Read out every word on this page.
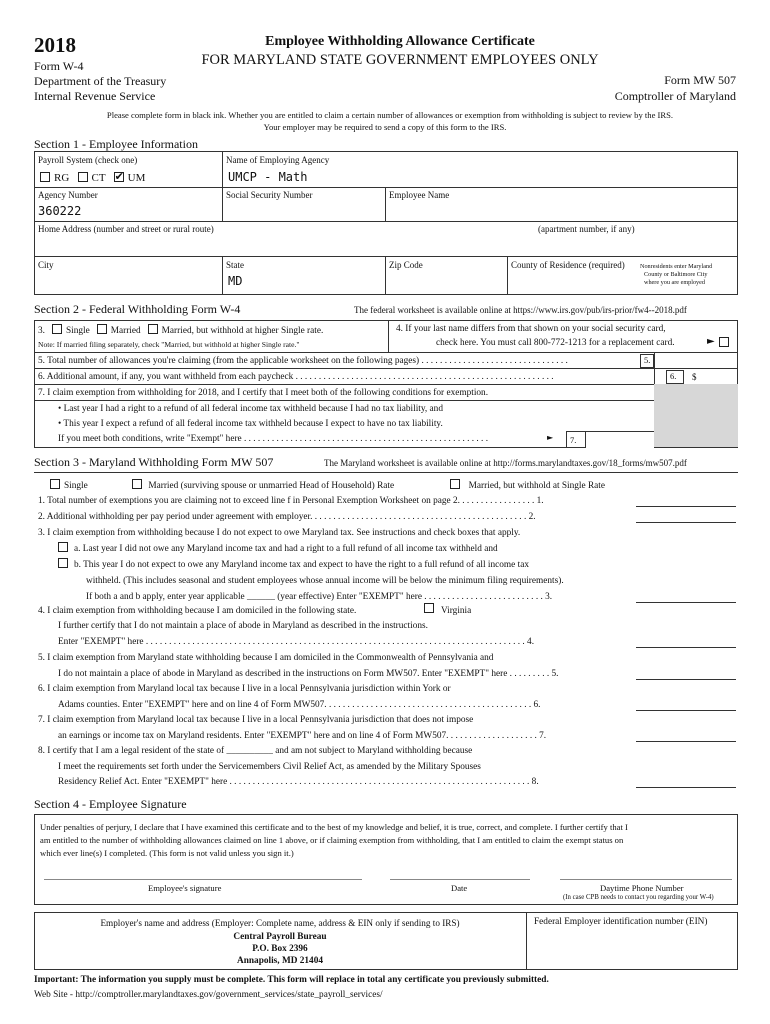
2018
Form W-4
Department of the Treasury
Internal Revenue Service
Employee Withholding Allowance Certificate
FOR MARYLAND STATE GOVERNMENT EMPLOYEES ONLY
Form MW 507
Comptroller of Maryland
Please complete form in black ink. Whether you are entitled to claim a certain number of allowances or exemption from withholding is subject to review by the IRS.
Your employer may be required to send a copy of this form to the IRS.
Section 1 - Employee Information
Payroll System (check one)
RG CT ✔ UM
Name of Employing Agency
UMCP - Math
Agency Number
360222
Social Security Number	Employee Name
Home Address (number and street or rural route)	(apartment number, if any)
City	State
MD
Zip Code	County of Residence (required) Nonresidents enter Maryland
County or Baltimore City
where you are employed
Section 2 - Federal Withholding Form W-4	The federal worksheet is available online at https://www.irs.gov/pub/irs-prior/fw4--2018.pdf
3. Single Married Married, but withhold at higher Single rate.
Note: If married filing separately, check "Married, but withhold at higher Single rate."
4. If your last name differs from that shown on your social security card,
check here. You must call 800-772-1213 for a replacement card.	►
5. Total number of allowances you're claiming (from the applicable worksheet on the following pages) . . . . . . . . . . . . . . . . . . . . . . . . . . . . . . . .	5.
6. Additional amount, if any, you want withheld from each paycheck . . . . . . . . . . . . . . . . . . . . . . . . . . . . . . . . . . . . . . . . . . . . . . . . . . . . . . . .	6.	$
7. I claim exemption from withholding for 2018, and I certify that I meet both of the following conditions for exemption.
• Last year I had a right to a refund of all federal income tax withheld because I had no tax liability, and
• This year I expect a refund of all federal income tax withheld because I expect to have no tax liability.
If you meet both conditions, write "Exempt" here . . . . . . . . . . . . . . . . . . . . . . . . . . . . . . . . . . . . . . . . . . . . . . . . . . . . .	►	7.
Section 3 - Maryland Withholding Form MW 507	The Maryland worksheet is available online at http://forms.marylandtaxes.gov/18_forms/mw507.pdf
Single	Married (surviving spouse or unmarried Head of Household) Rate	Married, but withhold at Single Rate
1. Total number of exemptions you are claiming not to exceed line f in Personal Exemption Worksheet on page 2. . . . . . . . . . . . . . . . . 1.
2. Additional withholding per pay period under agreement with employer. . . . . . . . . . . . . . . . . . . . . . . . . . . . . . . . . . . . . . . . . . . . . . . 2.
3. I claim exemption from withholding because I do not expect to owe Maryland tax. See instructions and check boxes that apply.
a. Last year I did not owe any Maryland income tax and had a right to a full refund of all income tax withheld and
b. This year I do not expect to owe any Maryland income tax and expect to have the right to a full refund of all income tax
withheld. (This includes seasonal and student employees whose annual income will be below the minimum filing requirements).
If both a and b apply, enter year applicable ______ (year effective) Enter "EXEMPT" here . . . . . . . . . . . . . . . . . . . . . . . . . . 3.
4. I claim exemption from withholding because I am domiciled in the following state.	Virginia
I further certify that I do not maintain a place of abode in Maryland as described in the instructions.
Enter "EXEMPT" here . . . . . . . . . . . . . . . . . . . . . . . . . . . . . . . . . . . . . . . . . . . . . . . . . . . . . . . . . . . . . . . . . . . . . . . . . . . . . . . . . . 4.
5. I claim exemption from Maryland state withholding because I am domiciled in the Commonwealth of Pennsylvania and
I do not maintain a place of abode in Maryland as described in the instructions on Form MW507. Enter "EXEMPT" here . . . . . . . . . 5.
6. I claim exemption from Maryland local tax because I live in a local Pennsylvania jurisdiction within York or
Adams counties. Enter "EXEMPT" here and on line 4 of Form MW507. . . . . . . . . . . . . . . . . . . . . . . . . . . . . . . . . . . . . . . . . . . . . 6.
7. I claim exemption from Maryland local tax because I live in a local Pennsylvania jurisdiction that does not impose
an earnings or income tax on Maryland residents. Enter "EXEMPT" here and on line 4 of Form MW507. . . . . . . . . . . . . . . . . . . . 7.
8. I certify that I am a legal resident of the state of __________ and am not subject to Maryland withholding because
I meet the requirements set forth under the Servicemembers Civil Relief Act, as amended by the Military Spouses
Residency Relief Act. Enter "EXEMPT" here . . . . . . . . . . . . . . . . . . . . . . . . . . . . . . . . . . . . . . . . . . . . . . . . . . . . . . . . . . . . . . . . . 8.
Section 4 - Employee Signature
Under penalties of perjury, I declare that I have examined this certificate and to the best of my knowledge and belief, it is true, correct, and complete. I further certify that I
am entitled to the number of withholding allowances claimed on line 1 above, or if claiming exemption from withholding, that I am entitled to claim the exempt status on
which ever line(s) I completed. (This form is not valid unless you sign it.)
Employee's signature	Date	Daytime Phone Number
(In case CPB needs to contact you regarding your W-4)
Employer's name and address (Employer: Complete name, address & EIN only if sending to IRS)
Central Payroll Bureau
P.O. Box 2396
Annapolis, MD 21404
Federal Employer identification number (EIN)
Important: The information you supply must be complete. This form will replace in total any certificate you previously submitted.
Web Site - http://comptroller.marylandtaxes.gov/government_services/state_payroll_services/
